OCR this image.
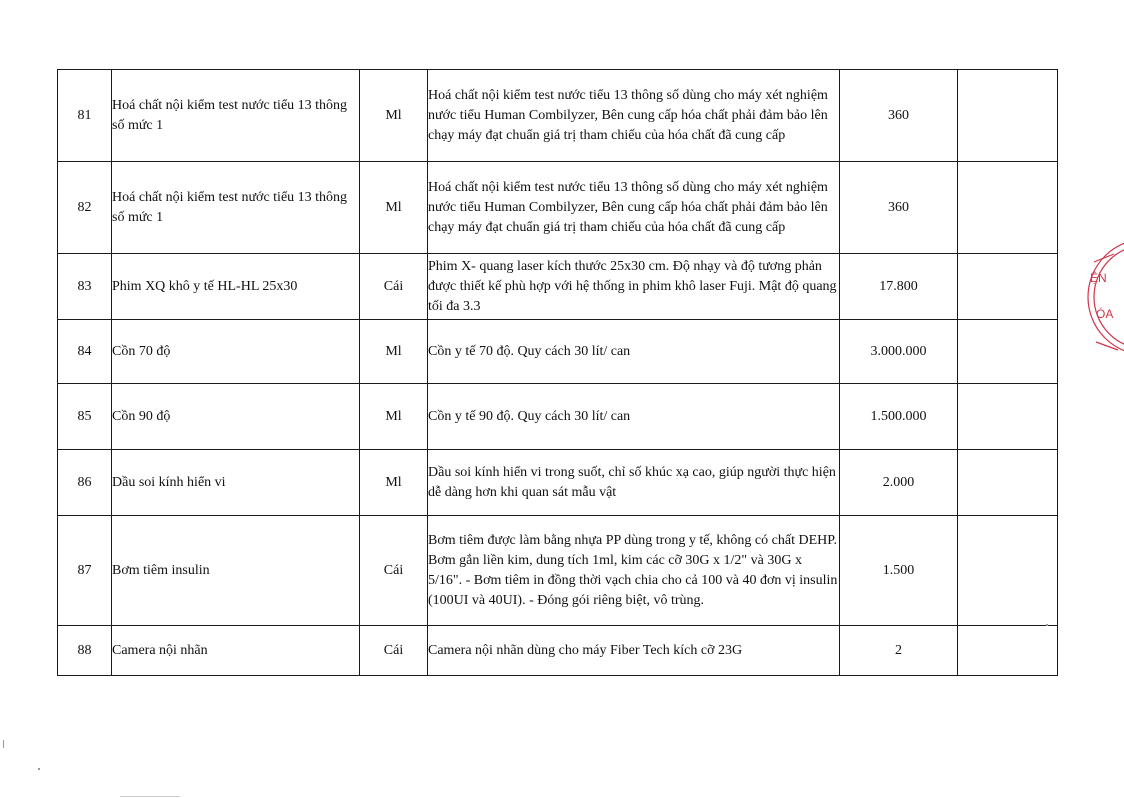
81	Hoá chất nội kiểm test nước tiểu 13 thông số mức 1	Ml	Hoá chất nội kiểm test nước tiểu 13 thông số dùng cho máy xét nghiệm nước tiểu Human Combilyzer, Bên cung cấp hóa chất phải đảm bảo lên chạy máy đạt chuẩn giá trị tham chiếu của hóa chất đã cung cấp	360	
82	Hoá chất nội kiểm test nước tiểu 13 thông số mức 1	Ml	Hoá chất nội kiểm test nước tiểu 13 thông số dùng cho máy xét nghiệm nước tiểu Human Combilyzer, Bên cung cấp hóa chất phải đảm bảo lên chạy máy đạt chuẩn giá trị tham chiếu của hóa chất đã cung cấp	360	
83	Phim XQ khô y tế HL-HL 25x30	Cái	Phim X- quang laser kích thước 25x30 cm. Độ nhạy và độ tương phản được thiết kế phù hợp với hệ thống in phim khô laser Fuji. Mật độ quang tối đa 3.3	17.800	
84	Cồn 70 độ	Ml	Cồn y tế 70 độ. Quy cách 30 lít/ can	3.000.000	
85	Cồn 90 độ	Ml	Cồn y tế 90 độ. Quy cách 30 lít/ can	1.500.000	
86	Dầu soi kính hiển vi	Ml	Dầu soi kính hiển vi trong suốt, chỉ số khúc xạ cao, giúp người thực hiện dễ dàng hơn khi quan sát mẫu vật	2.000	
87	Bơm tiêm insulin	Cái	Bơm tiêm được làm bằng nhựa PP dùng trong y tế, không có chất DEHP. Bơm gắn liền kim, dung tích 1ml, kim các cỡ 30G x 1/2" và 30G x 5/16". - Bơm tiêm in đồng thời vạch chia cho cả 100 và 40 đơn vị insulin (100UI và 40UI). - Đóng gói riêng biệt, vô trùng.	1.500	
88	Camera nội nhãn	Cái	Camera nội nhãn dùng cho máy Fiber Tech kích cỡ 23G	2	
ỆN
ÓA
